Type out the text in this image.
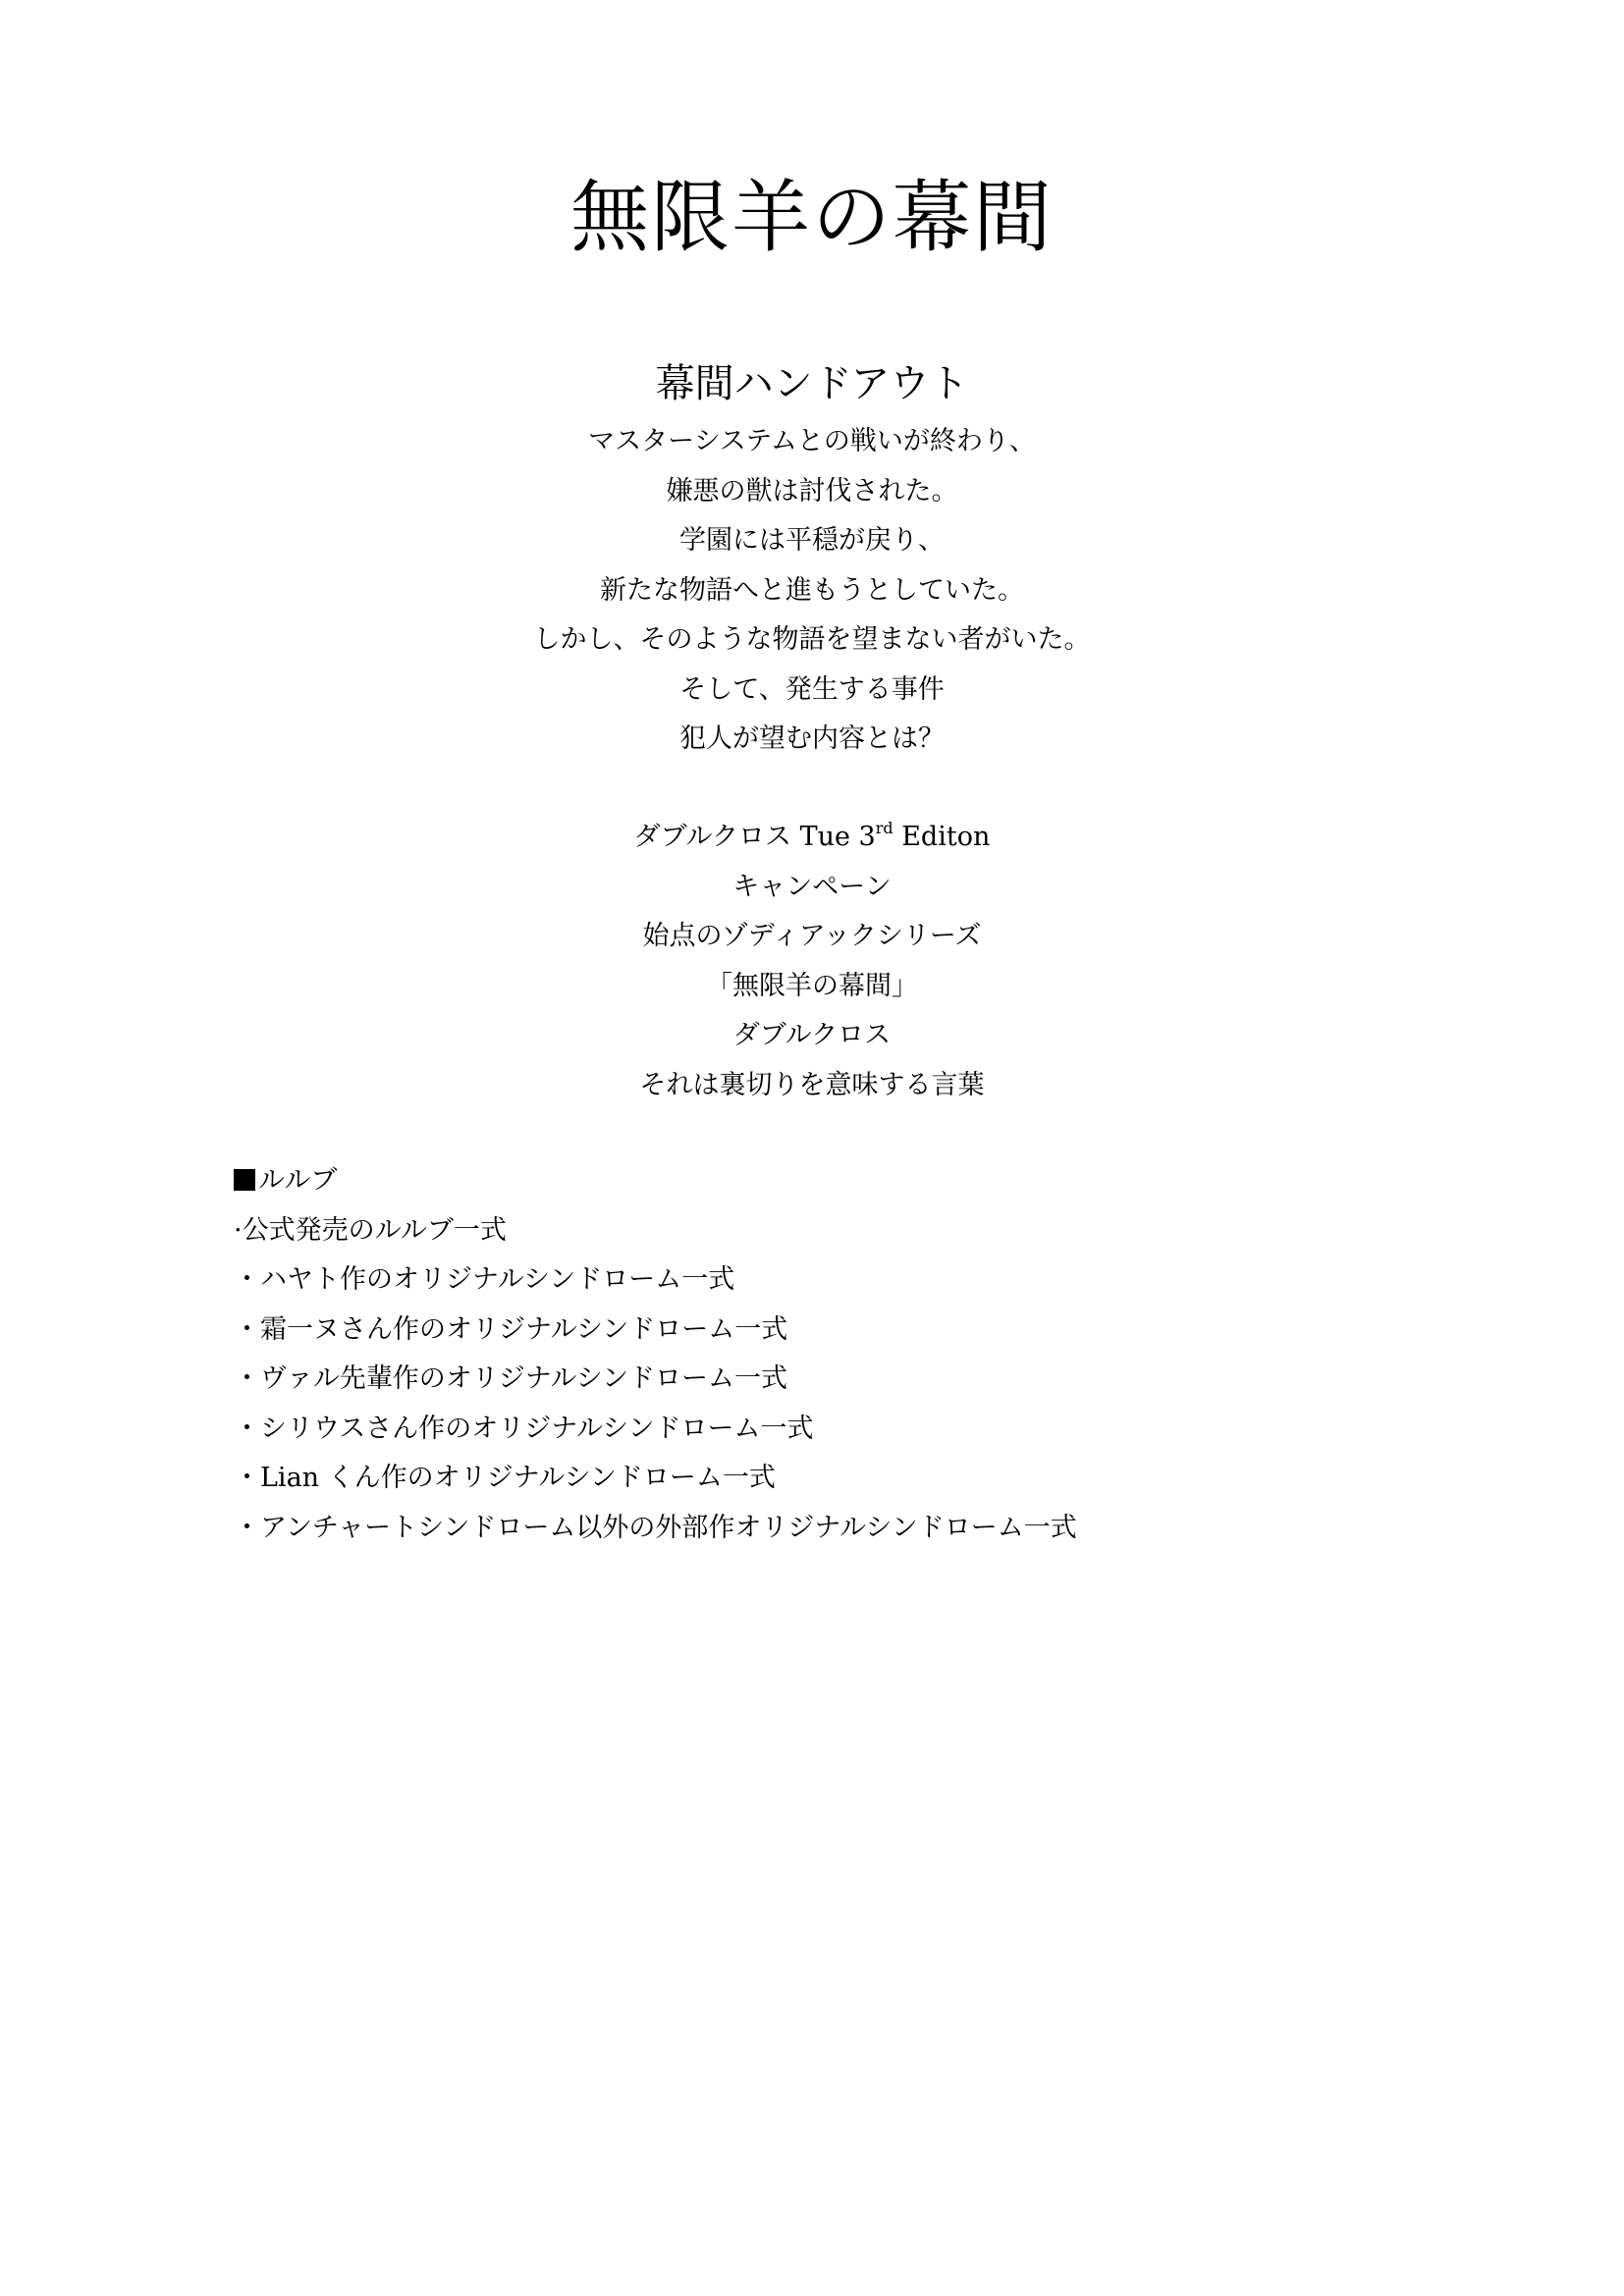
無限羊の幕間
幕間ハンドアウト
マスターシステムとの戦いが終わり、
嫌悪の獣は討伐された。
学園には平穏が戻り、
新たな物語へと進もうとしていた。
しかし、そのような物語を望まない者がいた。
そして、発生する事件
犯人が望む内容とは？
ダブルクロス Tue 3rd Editon
キャンペーン
始点のゾディアックシリーズ
「無限羊の幕間」
ダブルクロス
それは裏切りを意味する言葉
ルルブ
·公式発売のルルブ一式
・ハヤト作のオリジナルシンドローム一式
・霜一ヌさん作のオリジナルシンドローム一式
・ヴァル先輩作のオリジナルシンドローム一式
・シリウスさん作のオリジナルシンドローム一式
・Lian くん作のオリジナルシンドローム一式
・アンチャートシンドローム以外の外部作オリジナルシンドローム一式
